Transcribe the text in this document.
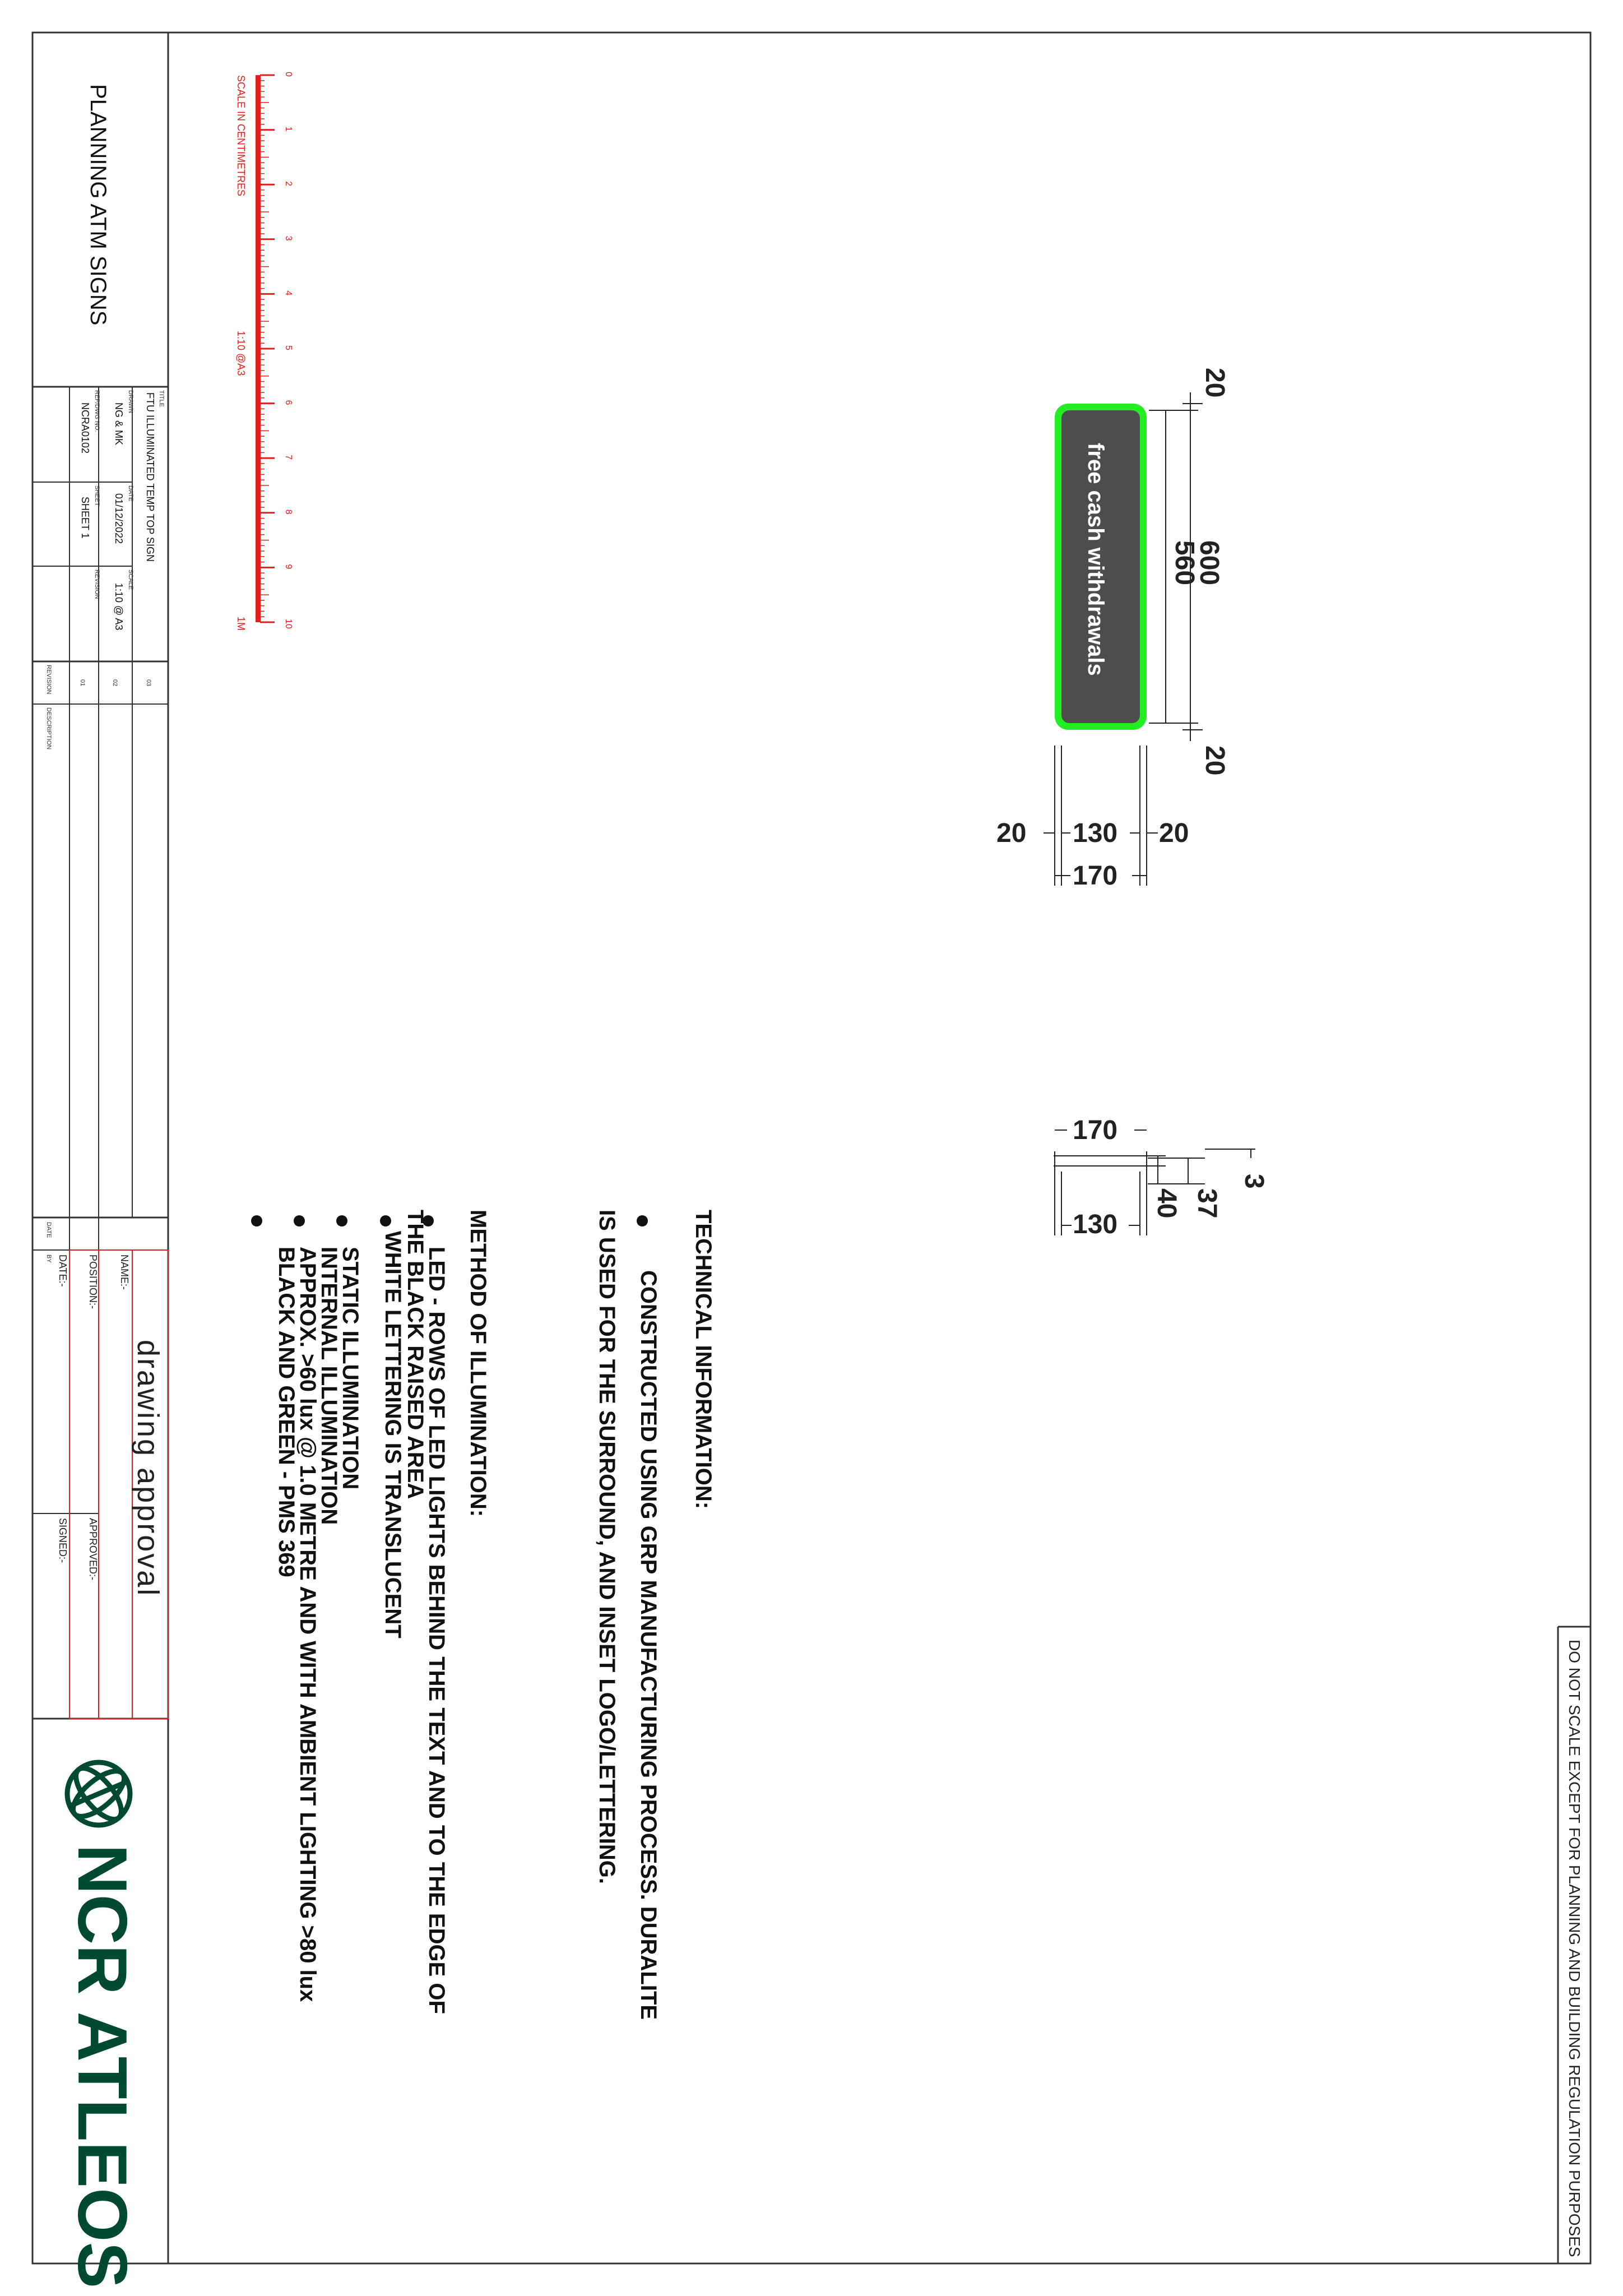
DO NOT SCALE EXCEPT FOR PLANNING AND BUILDING REGULATION PURPOSES
PLANNING ATM SIGNS
TITLE
FTU ILLUMINATED TEMP TOP SIGN
DRAWN
NG & MK
DATE
01/12/2022
SCALE
1:10 @ A3
REF/DWG NO.
NCRA0102
SHEET
SHEET 1
REVISION
REVISION
DESCRIPTION
DATE
BY
01	02	03
drawing approval
NAME:-
POSITION:-
APPROVED:-
DATE:-
SIGNED:-
NCR ATLEOS
0
1
2
3
4
5
6
7
8
9
10
SCALE IN CENTIMETRES
1:10 @A3
1M	free cash withdrawals
20
600
560
20
20 130 20
170
170
130
3
37
40
TECHNICAL INFORMATION:
CONSTRUCTED USING GRP MANUFACTURING PROCESS. DURALITE
IS USED FOR THE SURROUND, AND INSET LOGO/LETTERING.
METHOD OF ILLUMINATION:
LED - ROWS OF LED LIGHTS BEHIND THE TEXT AND TO THE EDGE OF
THE BLACK RAISED AREA
WHITE LETTERING IS TRANSLUCENT
STATIC ILLUMINATION
INTERNAL ILLUMINATION
APPROX. >60 lux @ 1.0 METRE AND WITH AMBIENT LIGHTING >80 lux
BLACK AND GREEN - PMS 369
